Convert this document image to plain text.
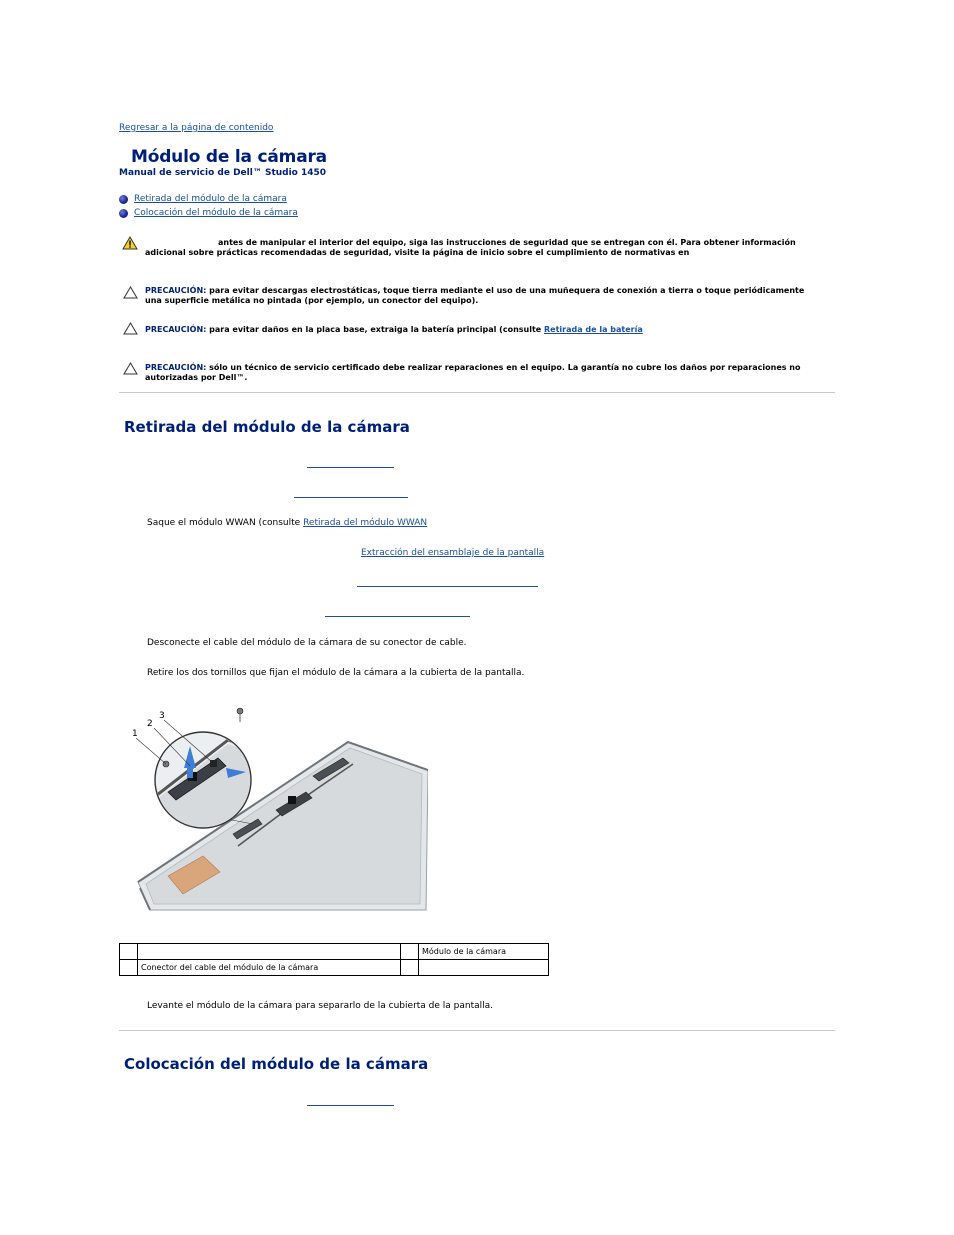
Regresar a la página de contenido
Módulo de la cámara
Manual de servicio de Dell™ Studio 1450
Retirada del módulo de la cámara
Colocación del módulo de la cámara
antes de manipular el interior del equipo, siga las instrucciones de seguridad que se entregan con él. Para obtener información
adicional sobre prácticas recomendadas de seguridad, visite la página de inicio sobre el cumplimiento de normativas en
PRECAUCIÓN: para evitar descargas electrostáticas, toque tierra mediante el uso de una muñequera de conexión a tierra o toque periódicamente
una superficie metálica no pintada (por ejemplo, un conector del equipo).
PRECAUCIÓN: para evitar daños en la placa base, extraiga la batería principal (consulte Retirada de la batería
PRECAUCIÓN: sólo un técnico de servicio certificado debe realizar reparaciones en el equipo. La garantía no cubre los daños por reparaciones no
autorizadas por Dell™.
Retirada del módulo de la cámara
Saque el módulo WWAN (consulte Retirada del módulo WWAN
Extracción del ensamblaje de la pantalla
Desconecte el cable del módulo de la cámara de su conector de cable.
Retire los dos tornillos que fijan el módulo de la cámara a la cubierta de la pantalla.
1
2
3
			Módulo de la cámara
	Conector del cable del módulo de la cámara		
Levante el módulo de la cámara para separarlo de la cubierta de la pantalla.
Colocación del módulo de la cámara
